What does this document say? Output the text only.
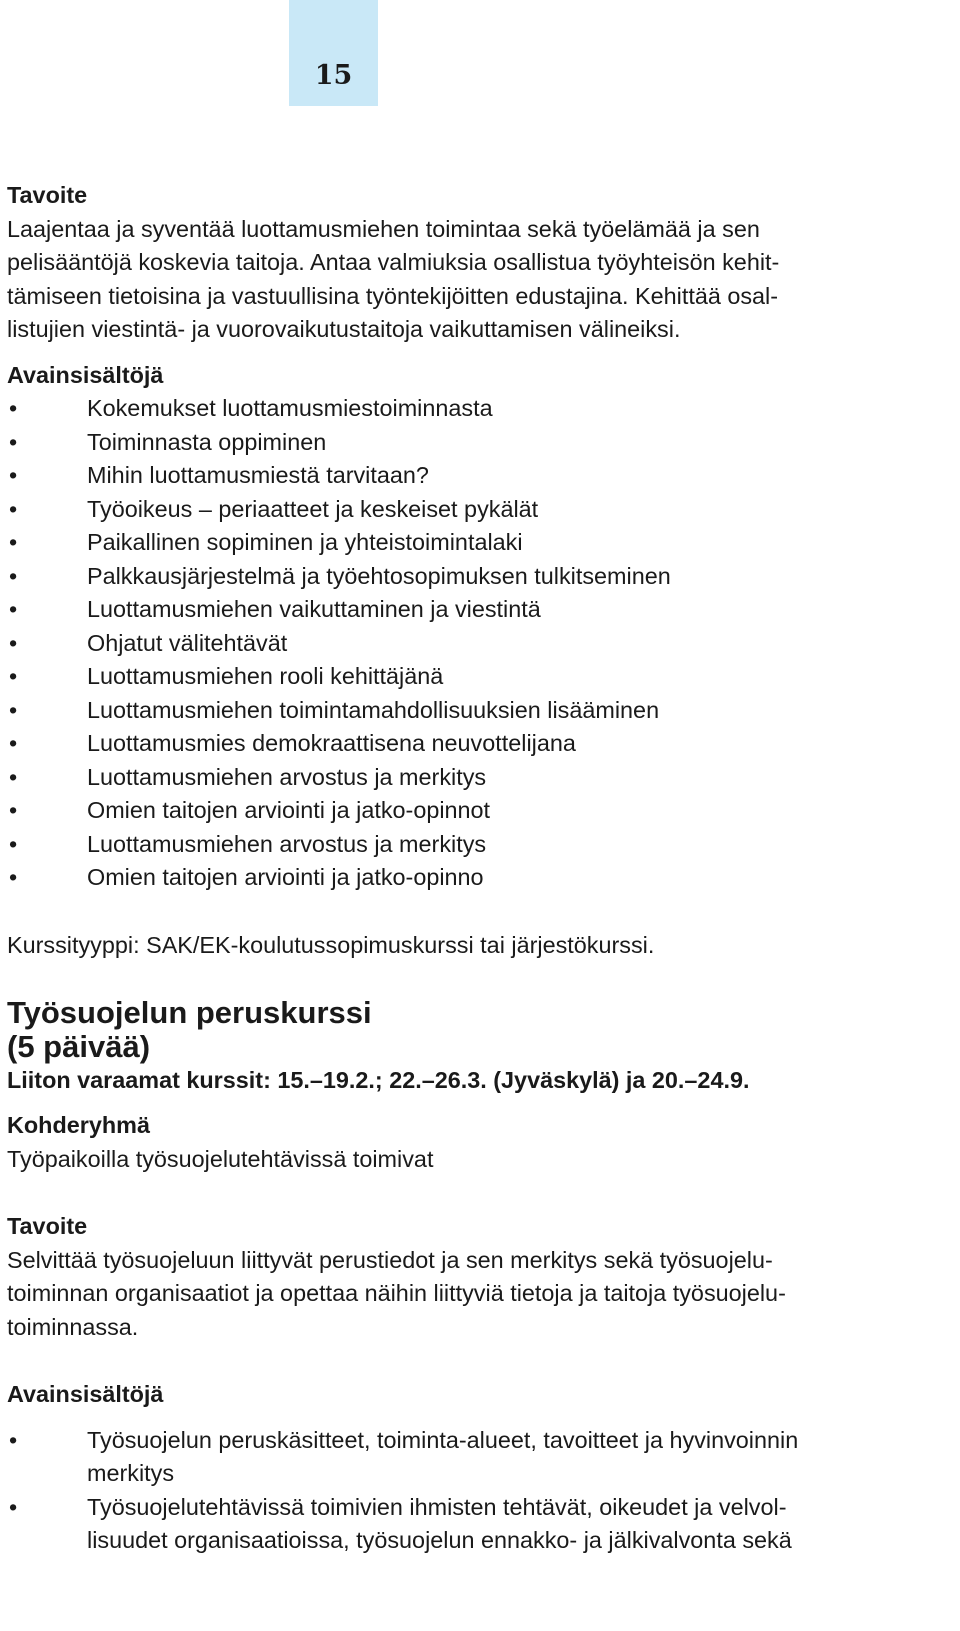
15
Tavoite
Laajentaa ja syventää luottamusmiehen toimintaa sekä työelämää ja sen
pelisääntöjä koskevia taitoja. Antaa valmiuksia osallistua työyhteisön kehit-
tämiseen tietoisina ja vastuullisina työntekijöitten edustajina. Kehittää osal-
listujien viestintä- ja vuorovaikutustaitoja vaikuttamisen välineiksi.
Avainsisältöjä
• Kokemukset luottamusmiestoiminnasta
• Toiminnasta oppiminen
• Mihin luottamusmiestä tarvitaan?
• Työoikeus – periaatteet ja keskeiset pykälät
• Paikallinen sopiminen ja yhteistoimintalaki
• Palkkausjärjestelmä ja työehtosopimuksen tulkitseminen
• Luottamusmiehen vaikuttaminen ja viestintä
• Ohjatut välitehtävät
• Luottamusmiehen rooli kehittäjänä
• Luottamusmiehen toimintamahdollisuuksien lisääminen
• Luottamusmies demokraattisena neuvottelijana
• Luottamusmiehen arvostus ja merkitys
• Omien taitojen arviointi ja jatko-opinnot
• Luottamusmiehen arvostus ja merkitys
• Omien taitojen arviointi ja jatko-opinno
Kurssityyppi: SAK/EK-koulutussopimuskurssi tai järjestökurssi.
Työsuojelun peruskurssi
(5 päivää)
Liiton varaamat kurssit: 15.–19.2.; 22.–26.3. (Jyväskylä) ja 20.–24.9.
Kohderyhmä
Työpaikoilla työsuojelutehtävissä toimivat
Tavoite
Selvittää työsuojeluun liittyvät perustiedot ja sen merkitys sekä työsuojelu-
toiminnan organisaatiot ja opettaa näihin liittyviä tietoja ja taitoja työsuojelu-
toiminnassa.
Avainsisältöjä
• Työsuojelun peruskäsitteet, toiminta-alueet, tavoitteet ja hyvinvoinnin
merkitys
• Työsuojelutehtävissä toimivien ihmisten tehtävät, oikeudet ja velvol-
lisuudet organisaatioissa, työsuojelun ennakko- ja jälkivalvonta sekä
